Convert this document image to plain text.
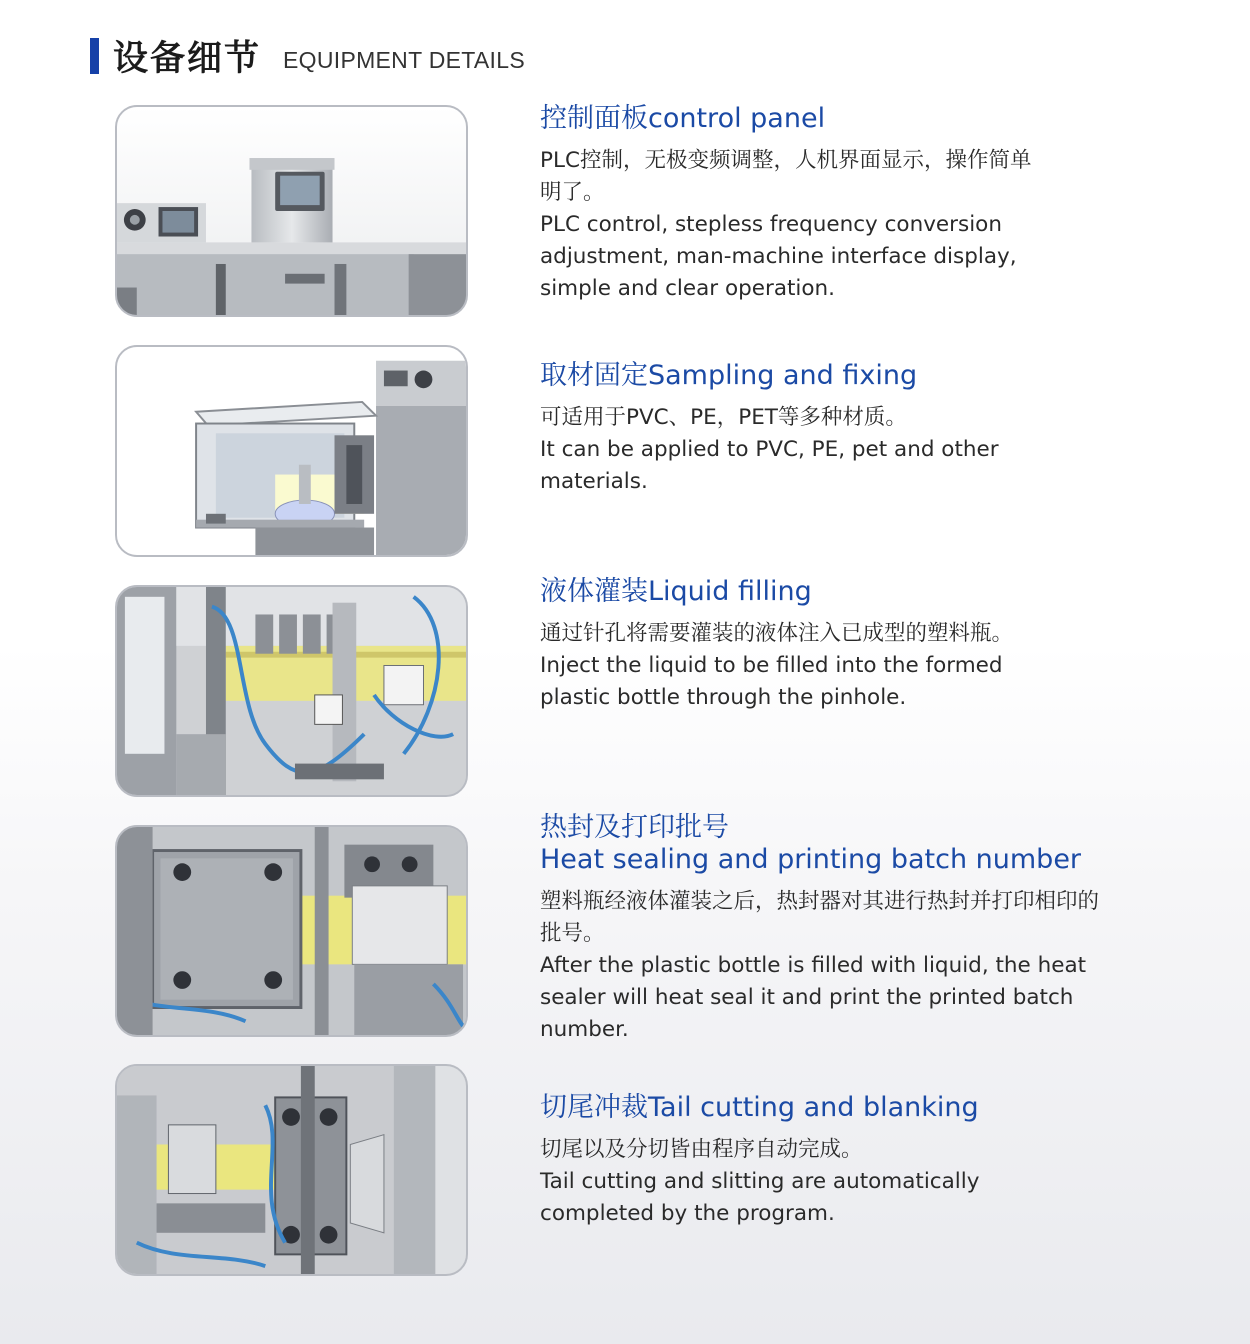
设备细节 EQUIPMENT DETAILS
控制面板control panel

PLC控制，无极变频调整，人机界面显示，操作简单明了。

PLC control, stepless frequency conversion adjustment, man-machine interface display, simple and clear operation.

取材固定Sampling and fixing

可适用于PVC、PE，PET等多种材质。

It can be applied to PVC, PE, pet and other materials.

液体灌装Liquid filling

通过针孔将需要灌装的液体注入已成型的塑料瓶。

Inject the liquid to be filled into the formed plastic bottle through the pinhole.

热封及打印批号
Heat sealing and printing batch number

塑料瓶经液体灌装之后，热封器对其进行热封并打印相印的批号。

After the plastic bottle is filled with liquid, the heat sealer will heat seal it and print the printed batch number.

切尾冲裁Tail cutting and blanking

切尾以及分切皆由程序自动完成。

Tail cutting and slitting are automatically completed by the program.
